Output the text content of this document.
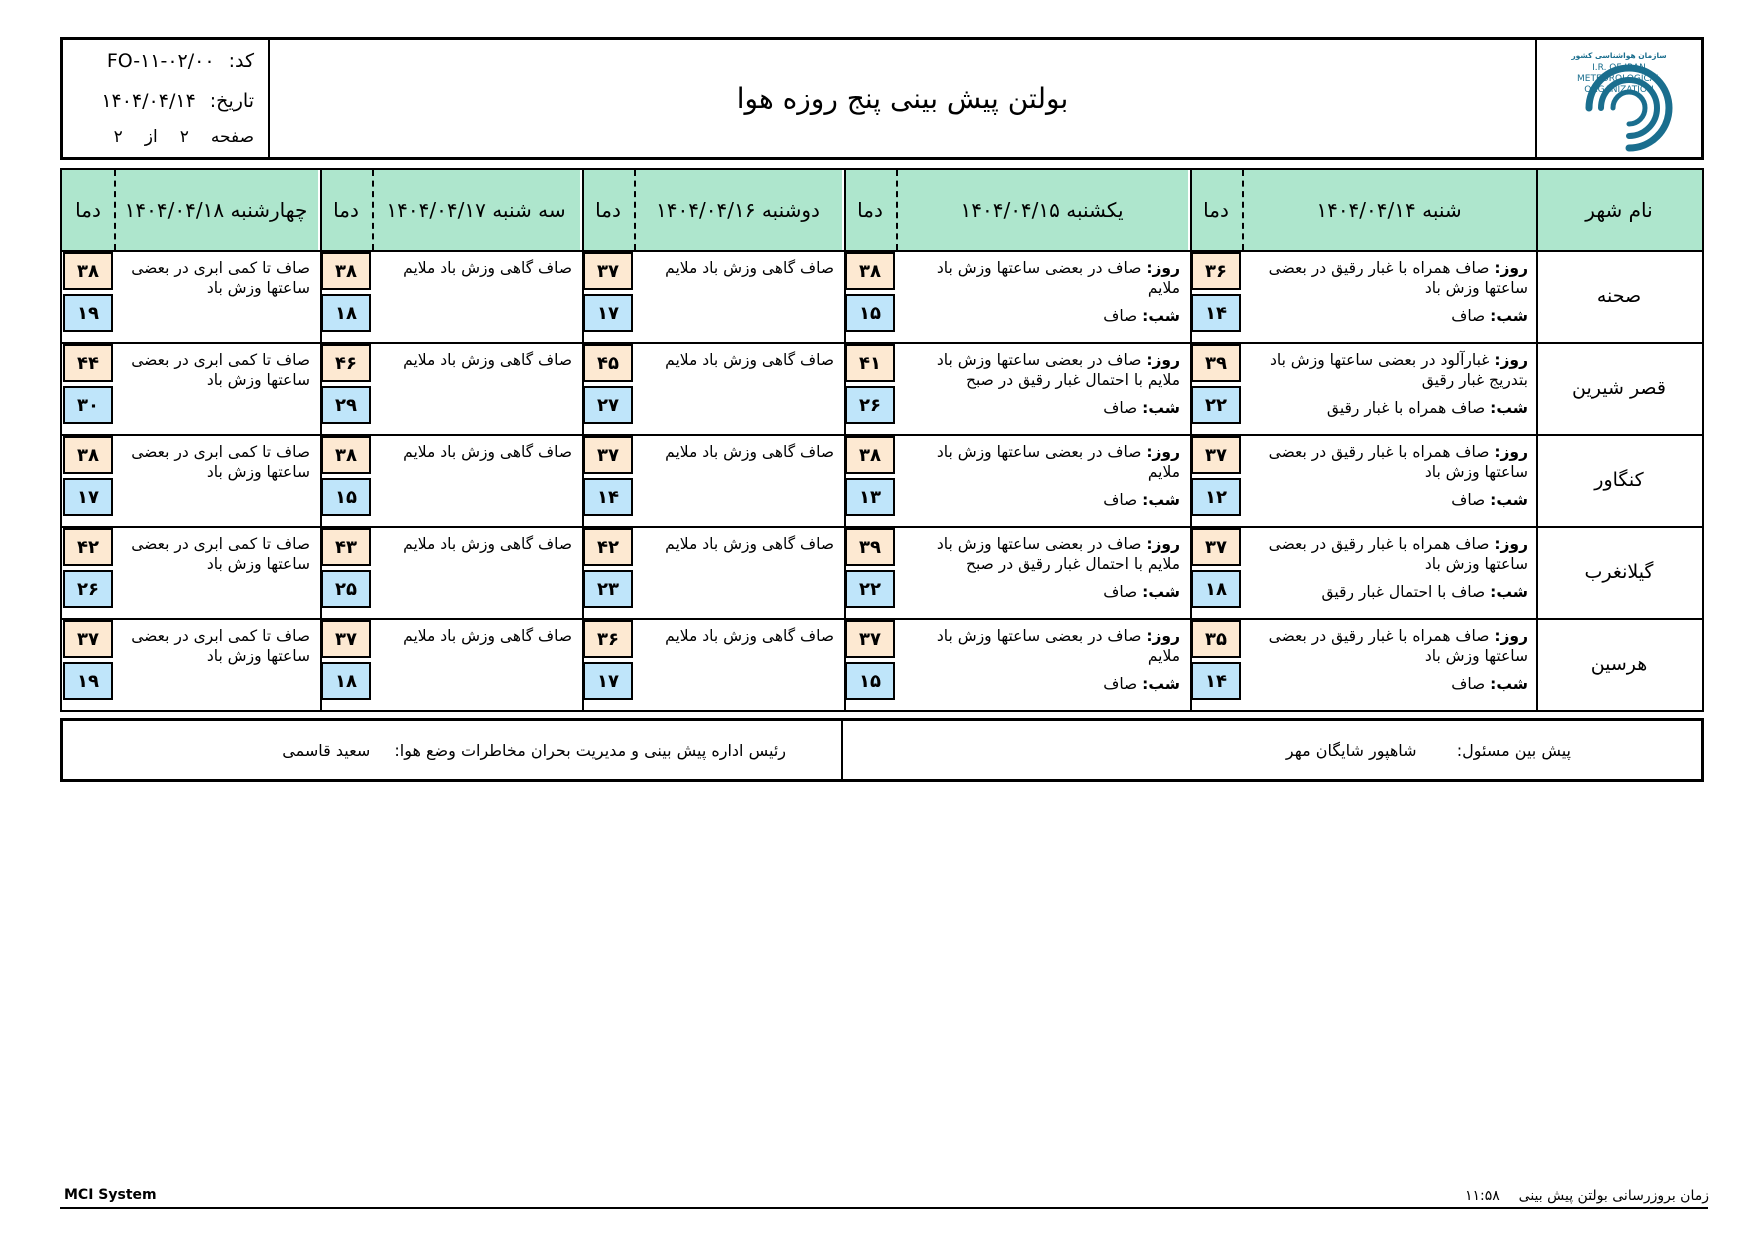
کد:
FO-۱۱-۰۲/۰۰
تاریخ:
۱۴۰۴/۰۴/۱۴
صفحه
۲
از
۲
بولتن پیش بینی پنج روزه هوا
سازمان هواشناسی کشور
I.R. OF IRAN
METEOROLOGICAL
ORGANIZATION
نام شهر
شنبه ۱۴۰۴/۰۴/۱۴
دما
یکشنبه ۱۴۰۴/۰۴/۱۵
دما
دوشنبه ۱۴۰۴/۰۴/۱۶
دما
سه شنبه ۱۴۰۴/۰۴/۱۷
دما
چهارشنبه ۱۴۰۴/۰۴/۱۸
دما
صحنه
روز: صاف همراه با غبار رقیق در بعضی ساعتها وزش باد
شب: صاف
۳۶
۱۴
روز: صاف در بعضی ساعتها وزش باد ملایم
شب: صاف
۳۸
۱۵
صاف گاهی وزش باد ملایم
۳۷
۱۷
صاف گاهی وزش باد ملایم
۳۸
۱۸
صاف تا کمی ابری در بعضی ساعتها وزش باد
۳۸
۱۹
قصر شیرین
روز: غبارآلود در بعضی ساعتها وزش باد بتدریج غبار رقیق
شب: صاف همراه با غبار رقیق
۳۹
۲۲
روز: صاف در بعضی ساعتها وزش باد ملایم با احتمال غبار رقیق در صبح
شب: صاف
۴۱
۲۶
صاف گاهی وزش باد ملایم
۴۵
۲۷
صاف گاهی وزش باد ملایم
۴۶
۲۹
صاف تا کمی ابری در بعضی ساعتها وزش باد
۴۴
۳۰
کنگاور
روز: صاف همراه با غبار رقیق در بعضی ساعتها وزش باد
شب: صاف
۳۷
۱۲
روز: صاف در بعضی ساعتها وزش باد ملایم
شب: صاف
۳۸
۱۳
صاف گاهی وزش باد ملایم
۳۷
۱۴
صاف گاهی وزش باد ملایم
۳۸
۱۵
صاف تا کمی ابری در بعضی ساعتها وزش باد
۳۸
۱۷
گیلانغرب
روز: صاف همراه با غبار رقیق در بعضی ساعتها وزش باد
شب: صاف با احتمال غبار رقیق
۳۷
۱۸
روز: صاف در بعضی ساعتها وزش باد ملایم با احتمال غبار رقیق در صبح
شب: صاف
۳۹
۲۲
صاف گاهی وزش باد ملایم
۴۲
۲۳
صاف گاهی وزش باد ملایم
۴۳
۲۵
صاف تا کمی ابری در بعضی ساعتها وزش باد
۴۲
۲۶
هرسین
روز: صاف همراه با غبار رقیق در بعضی ساعتها وزش باد
شب: صاف
۳۵
۱۴
روز: صاف در بعضی ساعتها وزش باد ملایم
شب: صاف
۳۷
۱۵
صاف گاهی وزش باد ملایم
۳۶
۱۷
صاف گاهی وزش باد ملایم
۳۷
۱۸
صاف تا کمی ابری در بعضی ساعتها وزش باد
۳۷
۱۹
پیش بین مسئول:  شاهپور شایگان مهر
رئیس اداره پیش بینی و مدیریت بحران مخاطرات وضع هوا:  سعید قاسمی
MCI System	زمان بروزرسانی بولتن پیش بینی  ۱۱:۵۸
